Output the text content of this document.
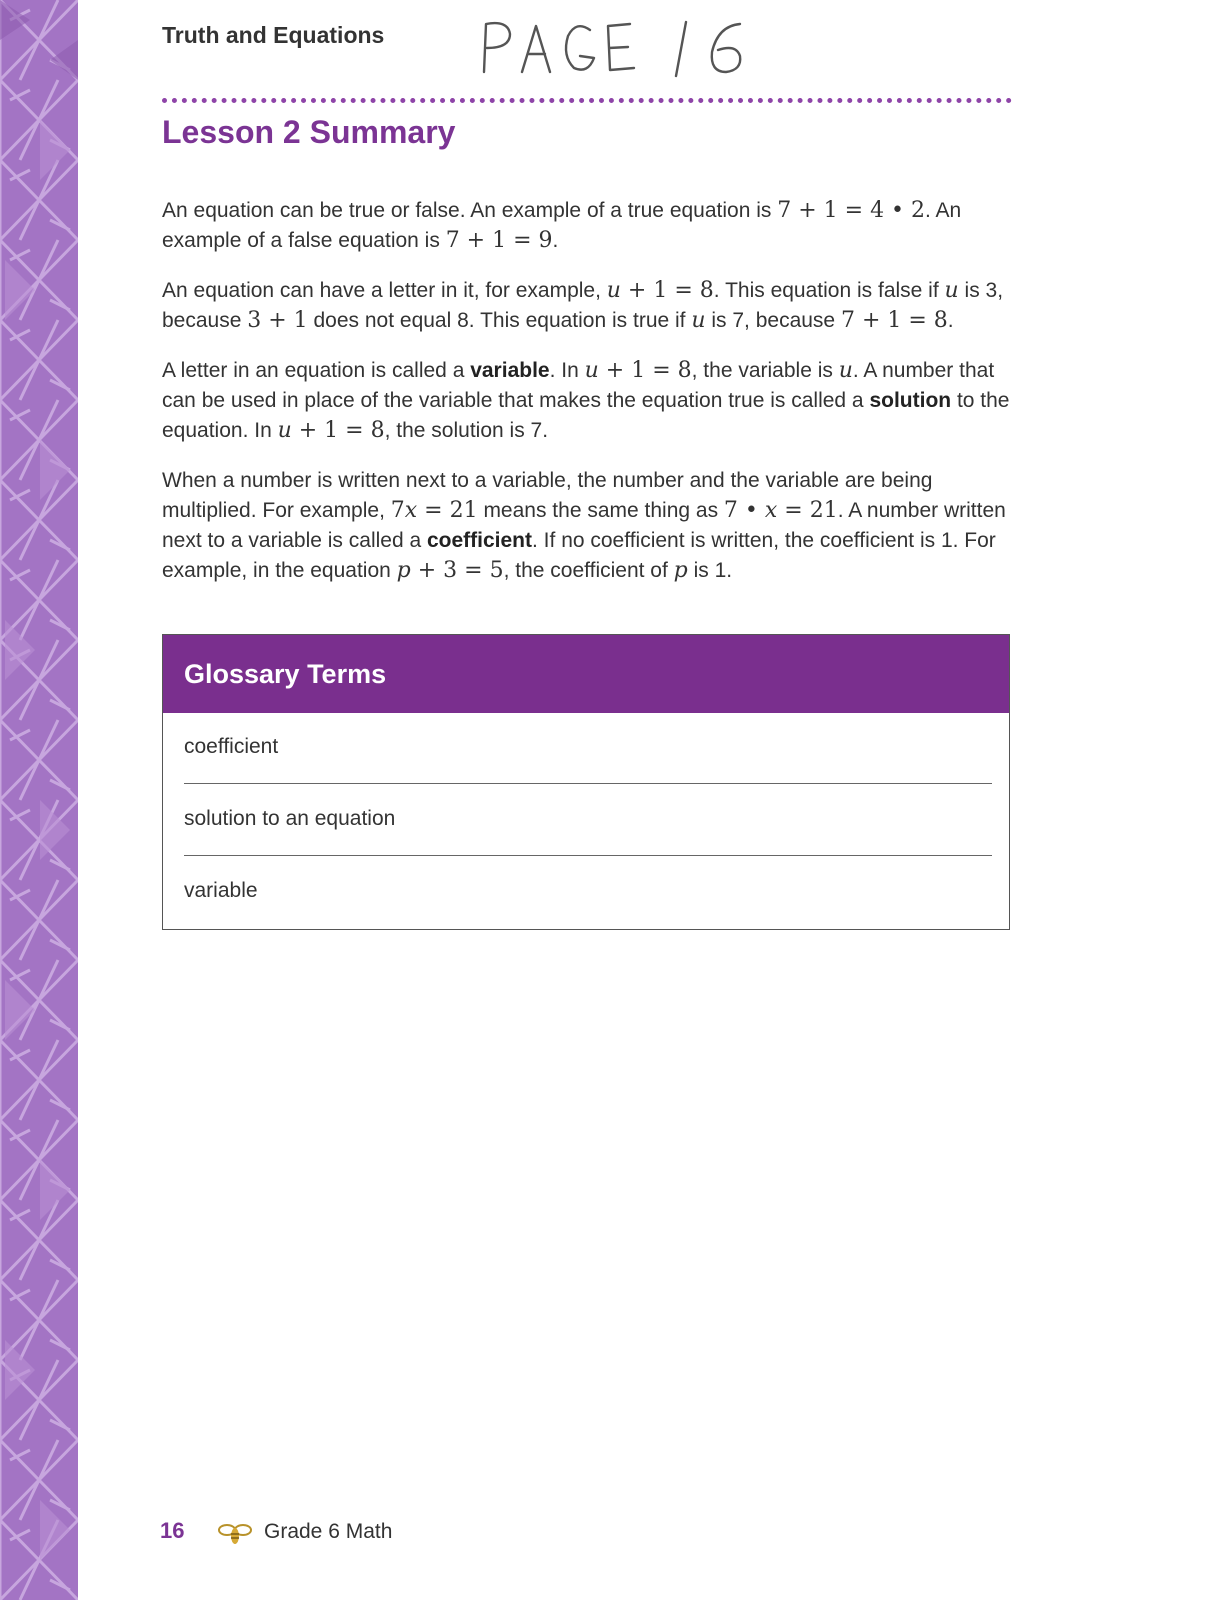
Truth and Equations
Lesson 2 Summary

An equation can be true or false. An example of a true equation is 7 + 1 = 4 • 2. An example of a false equation is 7 + 1 = 9.

An equation can have a letter in it, for example, u + 1 = 8. This equation is false if u is 3, because 3 + 1 does not equal 8. This equation is true if u is 7, because 7 + 1 = 8.

A letter in an equation is called a variable. In u + 1 = 8, the variable is u. A number that can be used in place of the variable that makes the equation true is called a solution to the equation. In u + 1 = 8, the solution is 7.

When a number is written next to a variable, the number and the variable are being multiplied. For example, 7x = 21 means the same thing as 7 • x = 21. A number written next to a variable is called a coefficient. If no coefficient is written, the coefficient is 1. For example, in the equation p + 3 = 5, the coefficient of p is 1.

Glossary Terms
coefficient
solution to an equation
variable
16	Grade 6 Math
